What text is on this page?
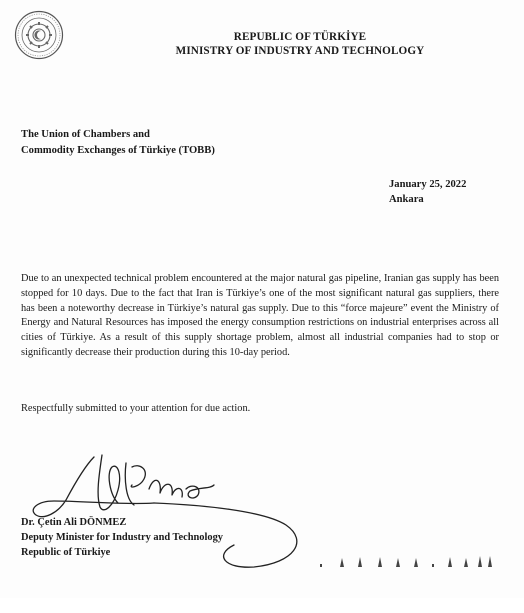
REPUBLIC OF TÜRKİYE
MINISTRY OF INDUSTRY AND TECHNOLOGY
The Union of Chambers and
Commodity Exchanges of Türkiye (TOBB)
January 25, 2022
Ankara
Due to an unexpected technical problem encountered at the major natural gas pipeline, Iranian gas supply has been stopped for 10 days. Due to the fact that Iran is Türkiye’s one of the most significant natural gas suppliers, there has been a noteworthy decrease in Türkiye’s natural gas supply. Due to this “force majeure” event the Ministry of Energy and Natural Resources has imposed the energy consumption restrictions on industrial enterprises across all cities of Türkiye. As a result of this supply shortage problem, almost all industrial companies had to stop or significantly decrease their production during this 10-day period.
Respectfully submitted to your attention for due action.
Dr. Çetin Ali DÖNMEZ
Deputy Minister for Industry and Technology
Republic of Türkiye
